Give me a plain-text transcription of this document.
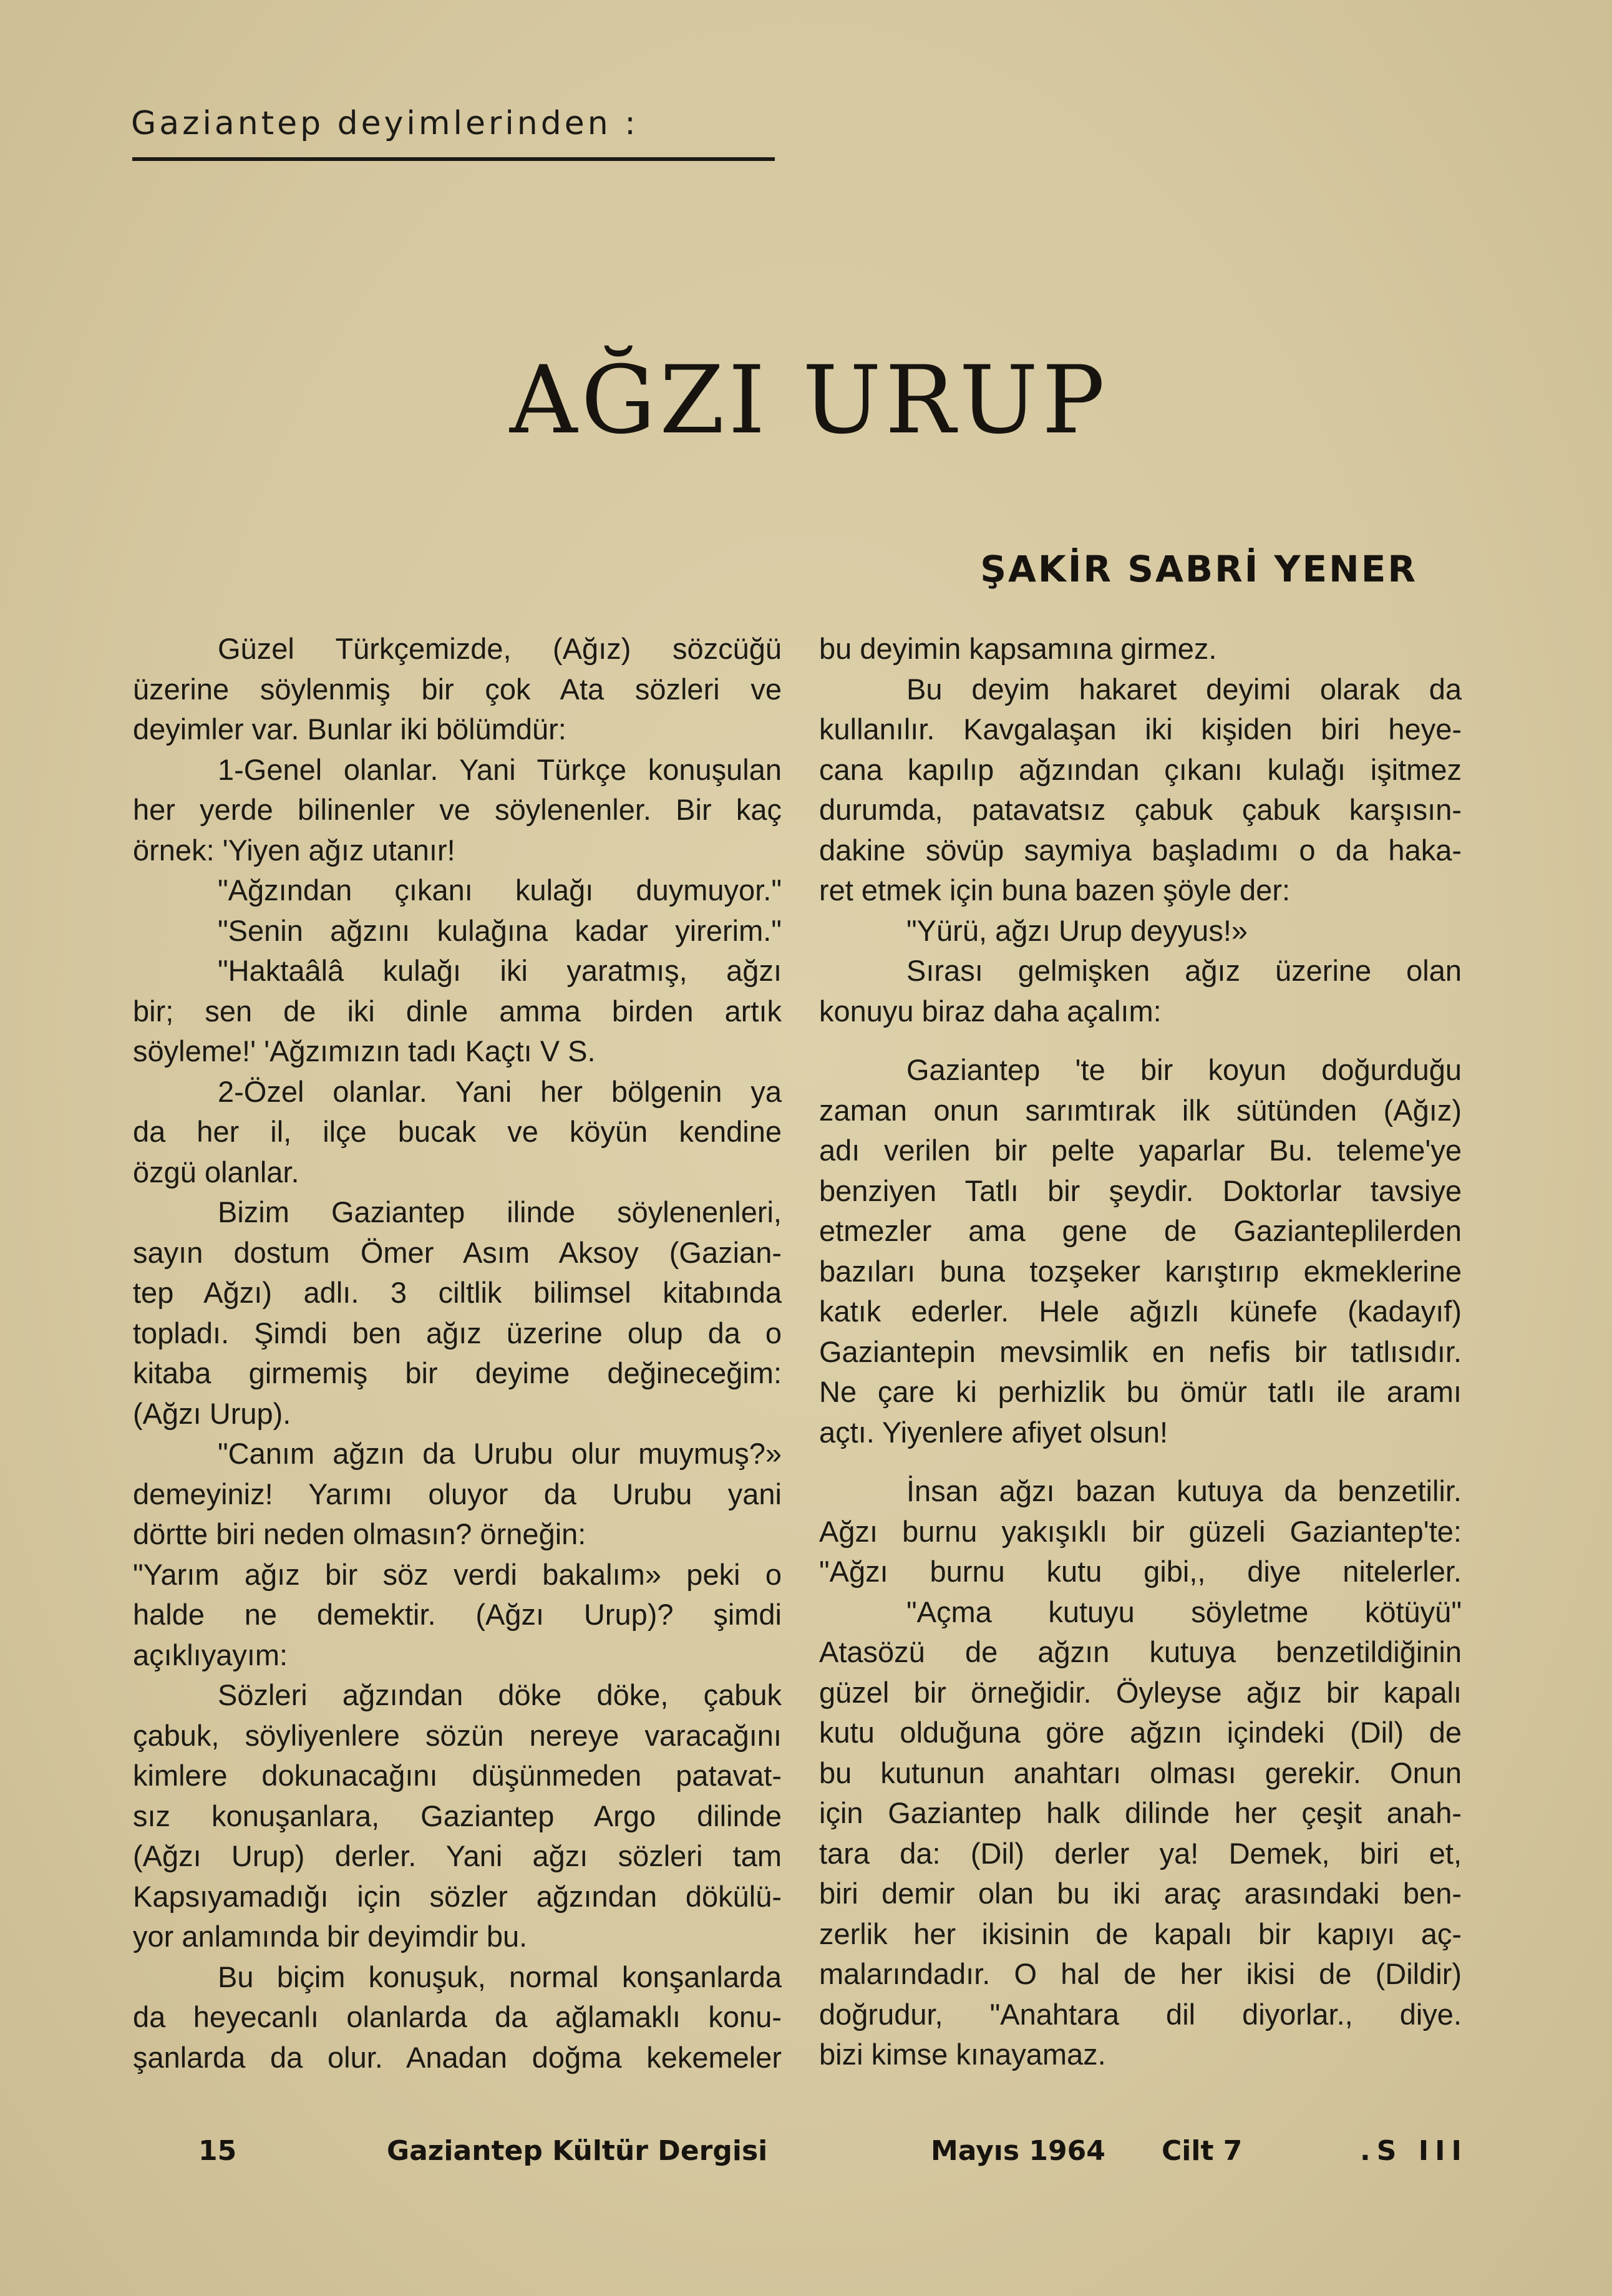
Gaziantep deyimlerinden :
AĞZI URUP
ŞAKİR SABRİ YENER
Güzel Türkçemizde, (Ağız) sözcüğü
üzerine söylenmiş bir çok Ata sözleri ve
deyimler var. Bunlar iki bölümdür:
1-Genel olanlar. Yani Türkçe konuşulan
her yerde bilinenler ve söylenenler. Bir kaç
örnek: 'Yiyen ağız utanır!
"Ağzından çıkanı kulağı duymuyor."
"Senin ağzını kulağına kadar yirerim."
"Haktaâlâ kulağı iki yaratmış, ağzı
bir; sen de iki dinle amma birden artık
söyleme!' 'Ağzımızın tadı Kaçtı V S.
2-Özel olanlar. Yani her bölgenin ya
da her il, ilçe bucak ve köyün kendine
özgü olanlar.
Bizim Gaziantep ilinde söylenenleri,
sayın dostum Ömer Asım Aksoy (Gazian-
tep Ağzı) adlı. 3 ciltlik bilimsel kitabında
topladı. Şimdi ben ağız üzerine olup da o
kitaba girmemiş bir deyime değineceğim:
(Ağzı Urup).
"Canım ağzın da Urubu olur muymuş?»
demeyiniz! Yarımı oluyor da Urubu yani
dörtte biri neden olmasın? örneğin:
"Yarım ağız bir söz verdi bakalım» peki o
halde ne demektir. (Ağzı Urup)? şimdi
açıklıyayım:
Sözleri ağzından döke döke, çabuk
çabuk, söyliyenlere sözün nereye varacağını
kimlere dokunacağını düşünmeden patavat-
sız konuşanlara, Gaziantep Argo dilinde
(Ağzı Urup) derler. Yani ağzı sözleri tam
Kapsıyamadığı için sözler ağzından dökülü-
yor anlamında bir deyimdir bu.
Bu biçim konuşuk, normal konşanlarda
da heyecanlı olanlarda da ağlamaklı konu-
şanlarda da olur. Anadan doğma kekemeler
bu deyimin kapsamına girmez.
Bu deyim hakaret deyimi olarak da
kullanılır. Kavgalaşan iki kişiden biri heye-
cana kapılıp ağzından çıkanı kulağı işitmez
durumda, patavatsız çabuk çabuk karşısın-
dakine sövüp saymiya başladımı o da haka-
ret etmek için buna bazen şöyle der:
"Yürü, ağzı Urup deyyus!»
Sırası gelmişken ağız üzerine olan
konuyu biraz daha açalım:
Gaziantep 'te bir koyun doğurduğu
zaman onun sarımtırak ilk sütünden (Ağız)
adı verilen bir pelte yaparlar Bu. teleme'ye
benziyen Tatlı bir şeydir. Doktorlar tavsiye
etmezler ama gene de Gazianteplilerden
bazıları buna tozşeker karıştırıp ekmeklerine
katık ederler. Hele ağızlı künefe (kadayıf)
Gaziantepin mevsimlik en nefis bir tatlısıdır.
Ne çare ki perhizlik bu ömür tatlı ile aramı
açtı. Yiyenlere afiyet olsun!
İnsan ağzı bazan kutuya da benzetilir.
Ağzı burnu yakışıklı bir güzeli Gaziantep'te:
"Ağzı burnu kutu gibi,, diye nitelerler.
"Açma kutuyu söyletme kötüyü"
Atasözü de ağzın kutuya benzetildiğinin
güzel bir örneğidir. Öyleyse ağız bir kapalı
kutu olduğuna göre ağzın içindeki (Dil) de
bu kutunun anahtarı olması gerekir. Onun
için Gaziantep halk dilinde her çeşit anah-
tara da: (Dil) derler ya! Demek, biri et,
biri demir olan bu iki araç arasındaki ben-
zerlik her ikisinin de kapalı bir kapıyı aç-
malarındadır. O hal de her ikisi de (Dildir)
doğrudur, "Anahtara dil diyorlar., diye.
bizi kimse kınayamaz.
15	Gaziantep Kültür Dergisi	Mayıs 1964 Cilt 7	.S III
